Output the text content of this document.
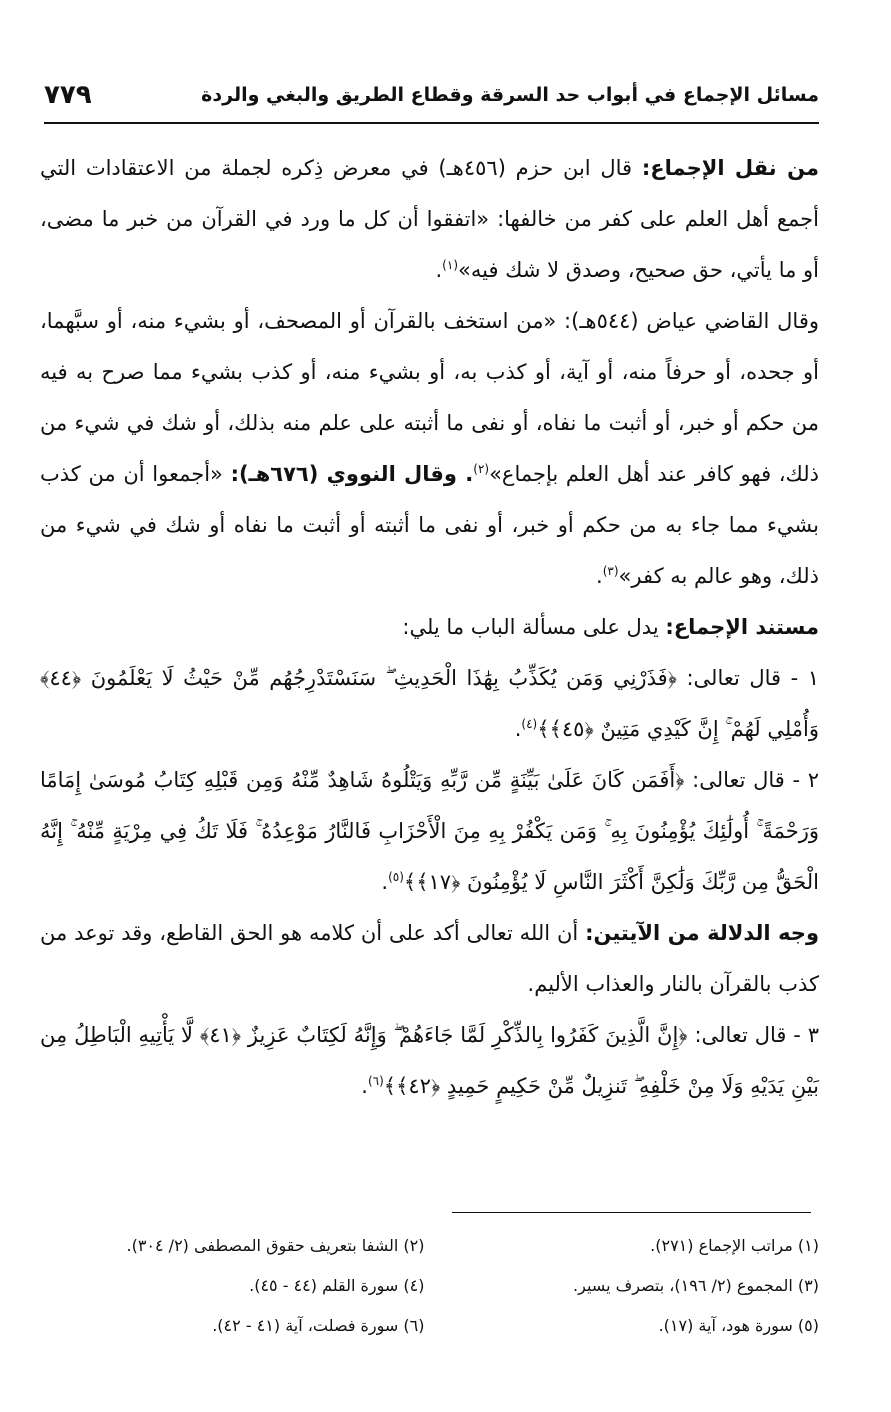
مسائل الإجماع في أبواب حد السرقة وقطاع الطريق والبغي والردة
٧٧٩

من نقل الإجماع: قال ابن حزم (٤٥٦هـ) في معرض ذِكره لجملة من الاعتقادات التي أجمع أهل العلم على كفر من خالفها: «اتفقوا أن كل ما ورد في القرآن من خبر ما مضى، أو ما يأتي، حق صحيح، وصدق لا شك فيه»$^{(١)}$.

وقال القاضي عياض (٥٤٤هـ): «من استخف بالقرآن أو المصحف، أو بشيء منه، أو سبَّهما، أو جحده، أو حرفاً منه، أو آية، أو كذب به، أو بشيء منه، أو كذب بشيء مما صرح به فيه من حكم أو خبر، أو أثبت ما نفاه، أو نفى ما أثبته على علم منه بذلك، أو شك في شيء من ذلك، فهو كافر عند أهل العلم بإجماع»$^{(٢)}$. وقال النووي (٦٧٦هـ): «أجمعوا أن من كذب بشيء مما جاء به من حكم أو خبر، أو نفى ما أثبته أو أثبت ما نفاه أو شك في شيء من ذلك، وهو عالم به كفر»$^{(٣)}$.

مستند الإجماع: يدل على مسألة الباب ما يلي:

١ - قال تعالى: ﴿فَذَرْنِي وَمَن يُكَذِّبُ بِهَٰذَا الْحَدِيثِ ۖ سَنَسْتَدْرِجُهُم مِّنْ حَيْثُ لَا يَعْلَمُونَ ﴿٤٤﴾ وَأُمْلِي لَهُمْ ۚ إِنَّ كَيْدِي مَتِينٌ ﴿٤٥﴾﴾$^{(٤)}$.

٢ - قال تعالى: ﴿أَفَمَن كَانَ عَلَىٰ بَيِّنَةٍ مِّن رَّبِّهِ وَيَتْلُوهُ شَاهِدٌ مِّنْهُ وَمِن قَبْلِهِ كِتَابُ مُوسَىٰ إِمَامًا وَرَحْمَةً ۚ أُولَٰئِكَ يُؤْمِنُونَ بِهِ ۚ وَمَن يَكْفُرْ بِهِ مِنَ الْأَحْزَابِ فَالنَّارُ مَوْعِدُهُ ۚ فَلَا تَكُ فِي مِرْيَةٍ مِّنْهُ ۚ إِنَّهُ الْحَقُّ مِن رَّبِّكَ وَلَٰكِنَّ أَكْثَرَ النَّاسِ لَا يُؤْمِنُونَ ﴿١٧﴾﴾$^{(٥)}$.

وجه الدلالة من الآيتين: أن الله تعالى أكد على أن كلامه هو الحق القاطع، وقد توعد من كذب بالقرآن بالنار والعذاب الأليم.

٣ - قال تعالى: ﴿إِنَّ الَّذِينَ كَفَرُوا بِالذِّكْرِ لَمَّا جَاءَهُمْ ۖ وَإِنَّهُ لَكِتَابٌ عَزِيزٌ ﴿٤١﴾ لَّا يَأْتِيهِ الْبَاطِلُ مِن بَيْنِ يَدَيْهِ وَلَا مِنْ خَلْفِهِ ۖ تَنزِيلٌ مِّنْ حَكِيمٍ حَمِيدٍ ﴿٤٢﴾﴾$^{(٦)}$.

(١) مراتب الإجماع (٢٧١).
(٢) الشفا بتعريف حقوق المصطفى (٢/ ٣٠٤).
(٣) المجموع (٢/ ١٩٦)، بتصرف يسير.
(٤) سورة القلم (٤٤ - ٤٥).
(٥) سورة هود، آية (١٧).
(٦) سورة فصلت، آية (٤١ - ٤٢).
